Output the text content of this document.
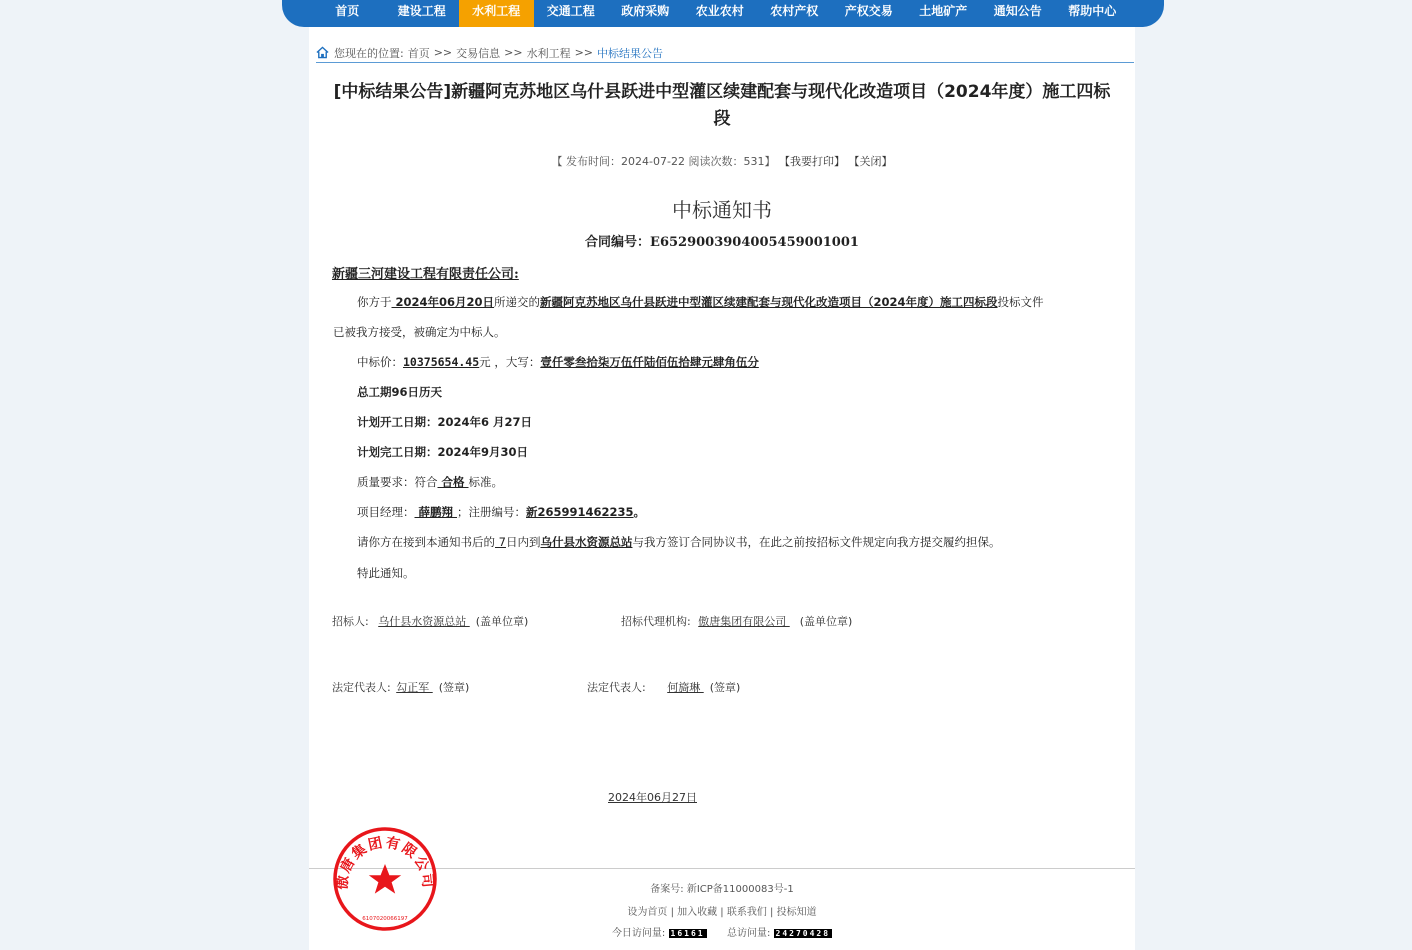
首页	建设工程	水利工程	交通工程	政府采购	农业农村	农村产权	产权交易	土地矿产	通知公告	帮助中心
您现在的位置: 首页 >> 交易信息 >> 水利工程 >> 中标结果公告
[中标结果公告]新疆阿克苏地区乌什县跃进中型灌区续建配套与现代化改造项目（2024年度）施工四标
段
【 发布时间：2024-07-22 阅读次数：531】 【我要打印】 【关闭】
中标通知书
合同编号：E6529003904005459001001
新疆三河建设工程有限责任公司:
你方于 2024年06月20日所递交的新疆阿克苏地区乌什县跃进中型灌区续建配套与现代化改造项目（2024年度）施工四标段投标文件
已被我方接受，被确定为中标人。
中标价：10375654.45元 ，大写：壹仟零叁拾柒万伍仟陆佰伍拾肆元肆角伍分
总工期96日历天
计划开工日期：2024年6 月27日
计划完工日期：2024年9月30日
质量要求：符合 合格 标准。
项目经理： 薛鹏翔 ；注册编号：新265991462235。
请你方在接到本通知书后的 7日内到乌什县水资源总站与我方签订合同协议书，在此之前按招标文件规定向我方提交履约担保。
特此通知。
招标人: 乌什县水资源总站 (盖单位章)	招标代理机构: 傲唐集团有限公司 (盖单位章)
法定代表人: 勾正军 (签章)	法定代表人: 何旖琳 (签章)
2024年06月27日
备案号: 新ICP备11000083号-1
设为首页 | 加入收藏 | 联系我们 | 投标知道
今日访问量: 16161 总访问量: 24270428
傲唐集团有限公司
6107020066197
